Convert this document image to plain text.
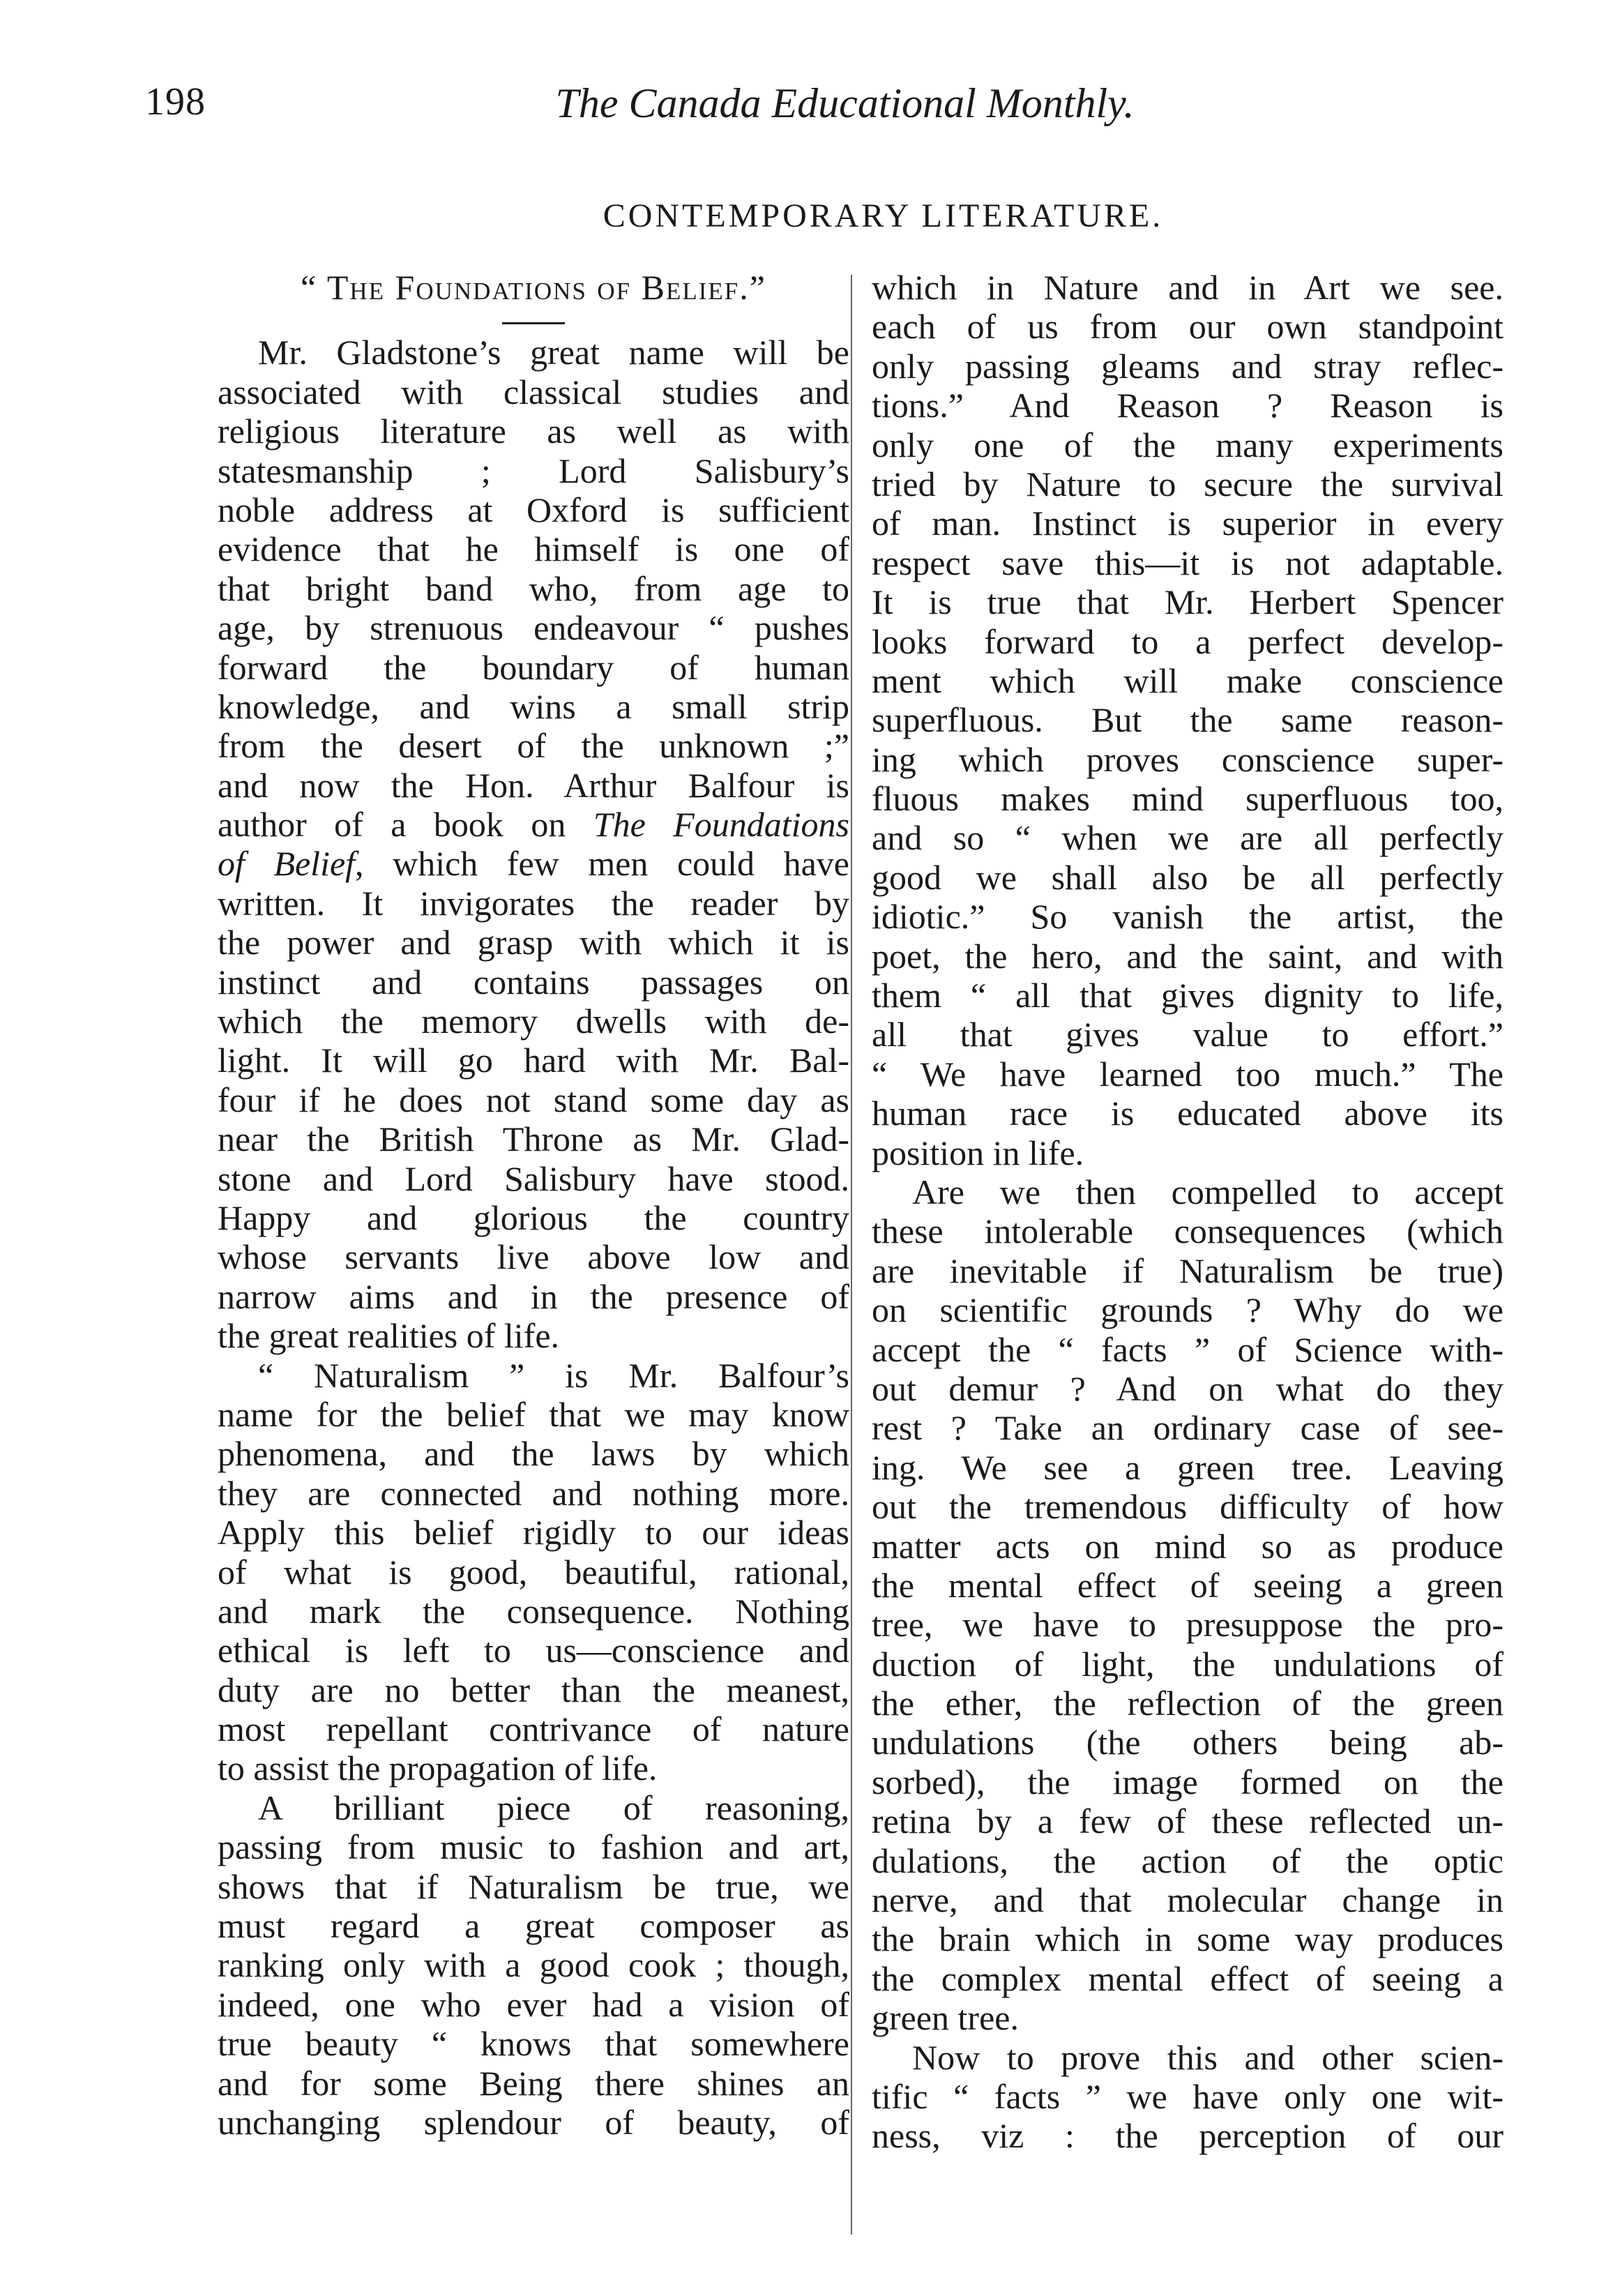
198	The Canada Educational Monthly.
CONTEMPORARY LITERATURE.
“ The Foundations of Belief.”
Mr. Gladstone’s great name will be
associated with classical studies and
religious literature as well as with
statesmanship ; Lord Salisbury’s
noble address at Oxford is sufficient
evidence that he himself is one of
that bright band who, from age to
age, by strenuous endeavour “ pushes
forward the boundary of human
knowledge, and wins a small strip
from the desert of the unknown ;”
and now the Hon. Arthur Balfour is
author of a book on The Foundations
of Belief, which few men could have
written. It invigorates the reader by
the power and grasp with which it is
instinct and contains passages on
which the memory dwells with de-
light. It will go hard with Mr. Bal-
four if he does not stand some day as
near the British Throne as Mr. Glad-
stone and Lord Salisbury have stood.
Happy and glorious the country
whose servants live above low and
narrow aims and in the presence of
the great realities of life.
“ Naturalism ” is Mr. Balfour’s
name for the belief that we may know
phenomena, and the laws by which
they are connected and nothing more.
Apply this belief rigidly to our ideas
of what is good, beautiful, rational,
and mark the consequence. Nothing
ethical is left to us—conscience and
duty are no better than the meanest,
most repellant contrivance of nature
to assist the propagation of life.
A brilliant piece of reasoning,
passing from music to fashion and art,
shows that if Naturalism be true, we
must regard a great composer as
ranking only with a good cook ; though,
indeed, one who ever had a vision of
true beauty “ knows that somewhere
and for some Being there shines an
unchanging splendour of beauty, of
which in Nature and in Art we see.
each of us from our own standpoint
only passing gleams and stray reflec-
tions.” And Reason ? Reason is
only one of the many experiments
tried by Nature to secure the survival
of man. Instinct is superior in every
respect save this—it is not adaptable.
It is true that Mr. Herbert Spencer
looks forward to a perfect develop-
ment which will make conscience
superfluous. But the same reason-
ing which proves conscience super-
fluous makes mind superfluous too,
and so “ when we are all perfectly
good we shall also be all perfectly
idiotic.” So vanish the artist, the
poet, the hero, and the saint, and with
them “ all that gives dignity to life,
all that gives value to effort.”
“ We have learned too much.” The
human race is educated above its
position in life.
Are we then compelled to accept
these intolerable consequences (which
are inevitable if Naturalism be true)
on scientific grounds ? Why do we
accept the “ facts ” of Science with-
out demur ? And on what do they
rest ? Take an ordinary case of see-
ing. We see a green tree. Leaving
out the tremendous difficulty of how
matter acts on mind so as produce
the mental effect of seeing a green
tree, we have to presuppose the pro-
duction of light, the undulations of
the ether, the reflection of the green
undulations (the others being ab-
sorbed), the image formed on the
retina by a few of these reflected un-
dulations, the action of the optic
nerve, and that molecular change in
the brain which in some way produces
the complex mental effect of seeing a
green tree.
Now to prove this and other scien-
tific “ facts ” we have only one wit-
ness, viz : the perception of our
